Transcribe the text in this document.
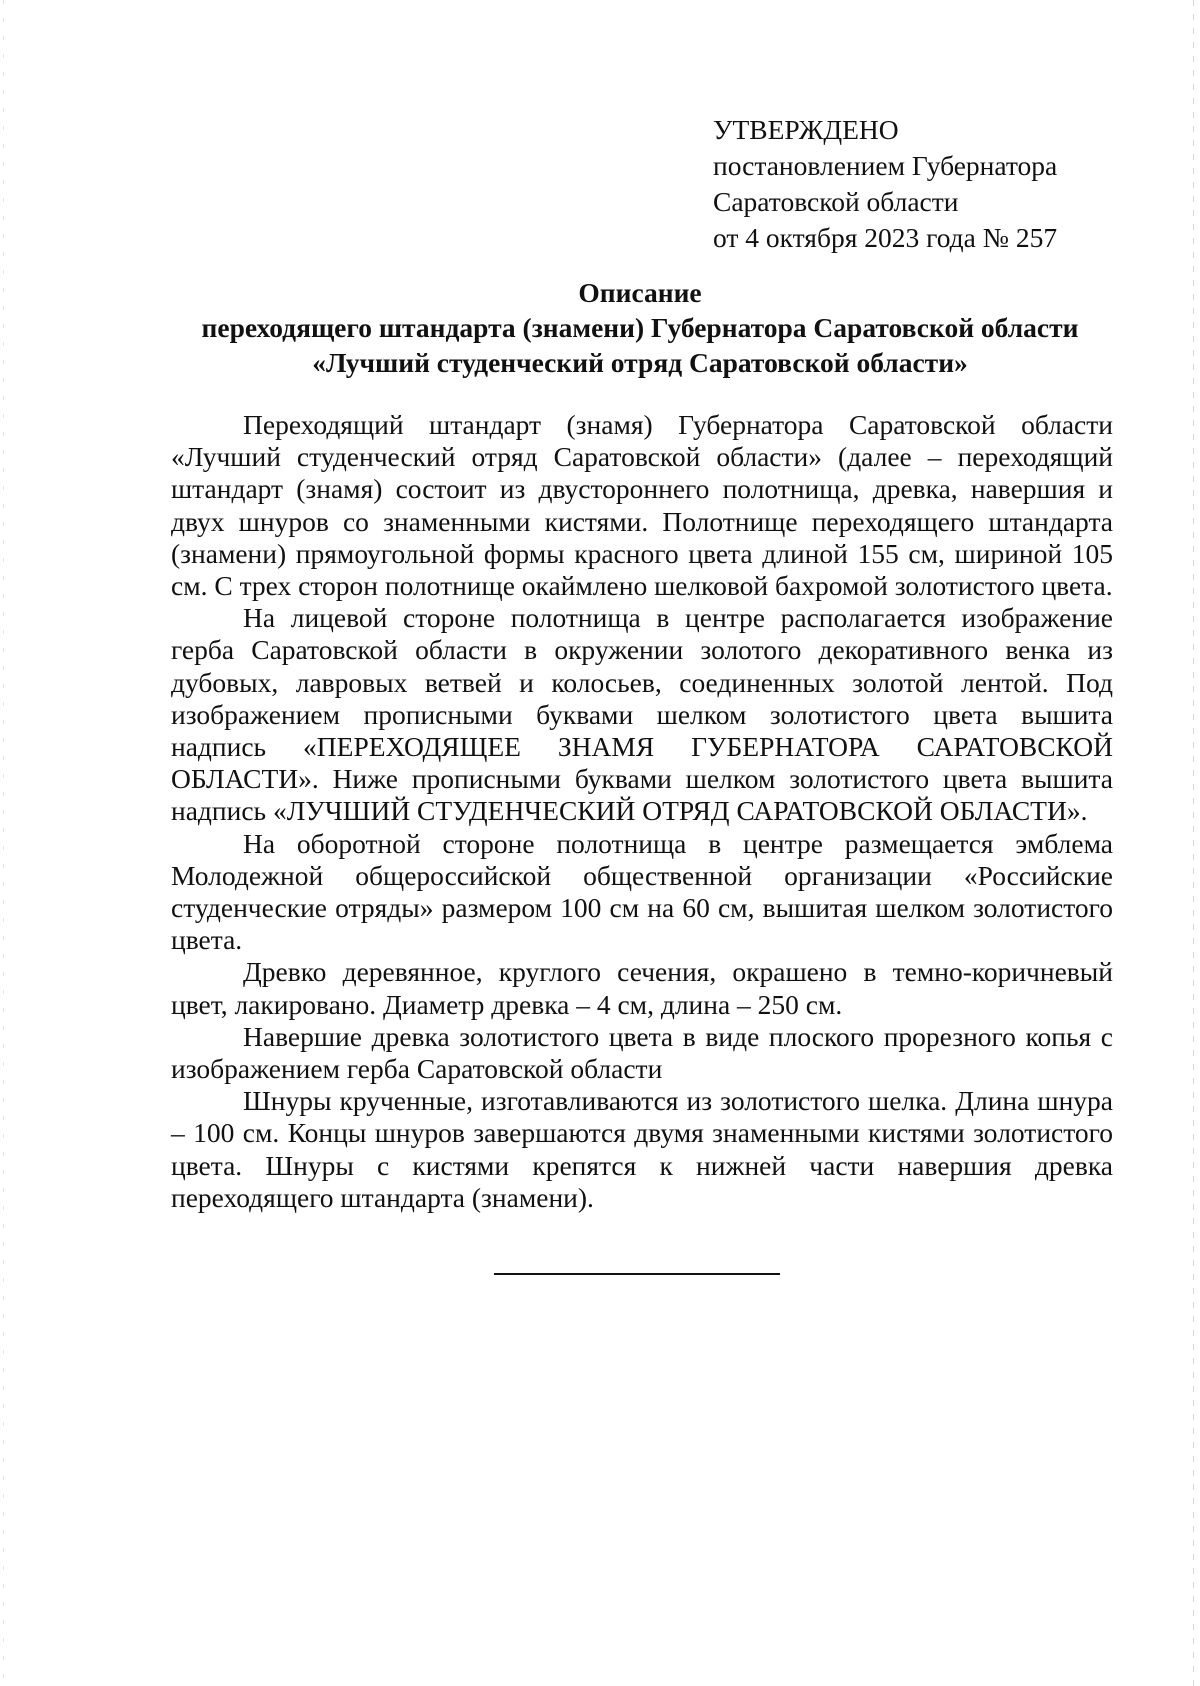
УТВЕРЖДЕНО
постановлением Губернатора
Саратовской области
от 4 октября 2023 года № 257
Описание
переходящего штандарта (знамени) Губернатора Саратовской области
«Лучший студенческий отряд Саратовской области»

Переходящий штандарт (знамя) Губернатора Саратовской области «Лучший студенческий отряд Саратовской области» (далее – переходящий штандарт (знамя) состоит из двустороннего полотнища, древка, навершия и двух шнуров со знаменными кистями. Полотнище переходящего штандарта (знамени) прямоугольной формы красного цвета длиной 155 см, шириной 105 см. С трех сторон полотнище окаймлено шелковой бахромой золотистого цвета.

На лицевой стороне полотнища в центре располагается изображение герба Саратовской области в окружении золотого декоративного венка из дубовых, лавровых ветвей и колосьев, соединенных золотой лентой. Под изображением прописными буквами шелком золотистого цвета вышита надпись «ПЕРЕХОДЯЩЕЕ ЗНАМЯ ГУБЕРНАТОРА САРАТОВСКОЙ ОБЛАСТИ». Ниже прописными буквами шелком золотистого цвета вышита надпись «ЛУЧШИЙ СТУДЕНЧЕСКИЙ ОТРЯД САРАТОВСКОЙ ОБЛАСТИ».

На оборотной стороне полотнища в центре размещается эмблема Молодежной общероссийской общественной организации «Российские студенческие отряды» размером 100 см на 60 см, вышитая шелком золотистого цвета.

Древко деревянное, круглого сечения, окрашено в темно-коричневый цвет, лакировано. Диаметр древка – 4 см, длина – 250 см.

Навершие древка золотистого цвета в виде плоского прорезного копья с изображением герба Саратовской области

Шнуры крученные, изготавливаются из золотистого шелка. Длина шнура – 100 см. Концы шнуров завершаются двумя знаменными кистями золотистого цвета. Шнуры с кистями крепятся к нижней части навершия древка переходящего штандарта (знамени).
